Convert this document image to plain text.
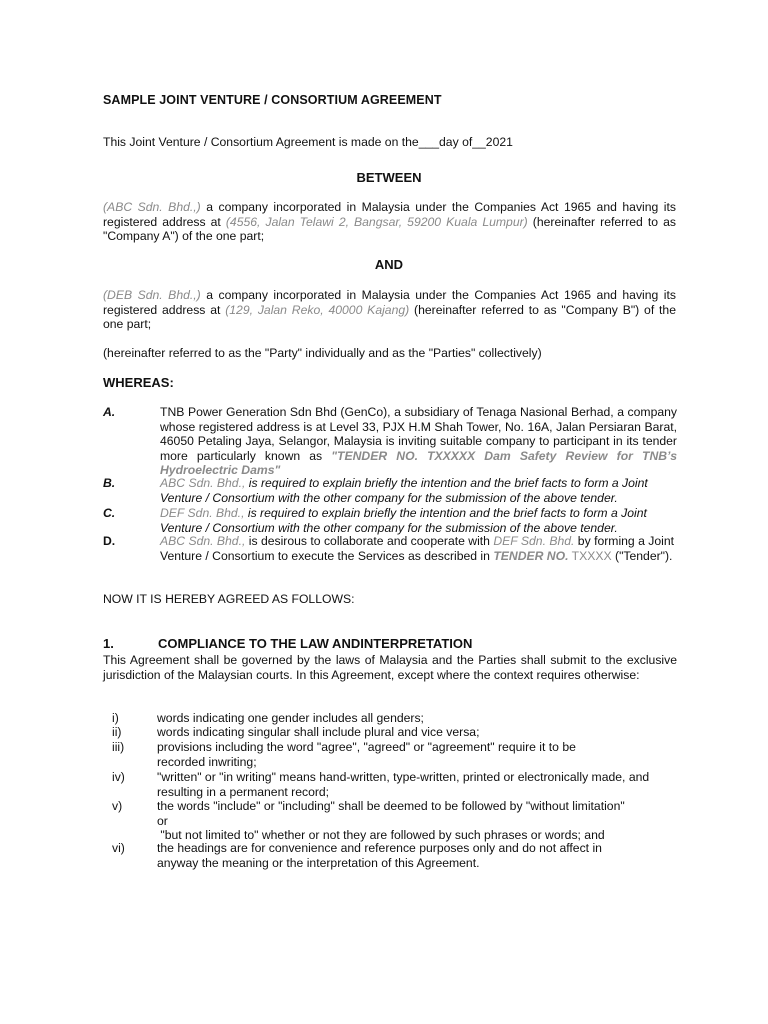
SAMPLE JOINT VENTURE / CONSORTIUM AGREEMENT
This Joint Venture / Consortium Agreement is made on the___day of__2021
BETWEEN
(ABC Sdn. Bhd.,) a company incorporated in Malaysia under the Companies Act 1965 and having its registered address at (4556, Jalan Telawi 2, Bangsar, 59200 Kuala Lumpur) (hereinafter referred to as "Company A") of the one part;
AND
(DEB Sdn. Bhd.,) a company incorporated in Malaysia under the Companies Act 1965 and having its registered address at (129, Jalan Reko, 40000 Kajang) (hereinafter referred to as "Company B") of the one part;
(hereinafter referred to as the "Party" individually and as the "Parties" collectively)
WHEREAS:
A.	TNB Power Generation Sdn Bhd (GenCo), a subsidiary of Tenaga Nasional Berhad, a company whose registered address is at Level 33, PJX H.M Shah Tower, No. 16A, Jalan Persiaran Barat, 46050 Petaling Jaya, Selangor, Malaysia is inviting suitable company to participant in its tender more particularly known as "TENDER NO. TXXXXX Dam Safety Review for TNB’s Hydroelectric Dams"
B.	ABC Sdn. Bhd., is required to explain briefly the intention and the brief facts to form a Joint Venture / Consortium with the other company for the submission of the above tender.
C.	DEF Sdn. Bhd., is required to explain briefly the intention and the brief facts to form a Joint Venture / Consortium with the other company for the submission of the above tender.
D.	ABC Sdn. Bhd., is desirous to collaborate and cooperate with DEF Sdn. Bhd. by forming a Joint Venture / Consortium to execute the Services as described in TENDER NO. TXXXX ("Tender").
NOW IT IS HEREBY AGREED AS FOLLOWS:
1.	COMPLIANCE TO THE LAW ANDINTERPRETATION
This Agreement shall be governed by the laws of Malaysia and the Parties shall submit to the exclusive jurisdiction of the Malaysian courts. In this Agreement, except where the context requires otherwise:
i)	words indicating one gender includes all genders;
ii)	words indicating singular shall include plural and vice versa;
iii)	provisions including the word "agree", "agreed" or "agreement" require it to be
recorded inwriting;
iv)	"written" or "in writing" means hand-written, type-written, printed or electronically made, and
resulting in a permanent record;
v)	the words "include" or "including" shall be deemed to be followed by "without limitation"
or
"but not limited to" whether or not they are followed by such phrases or words; and
vi)	the headings are for convenience and reference purposes only and do not affect in
anyway the meaning or the interpretation of this Agreement.
